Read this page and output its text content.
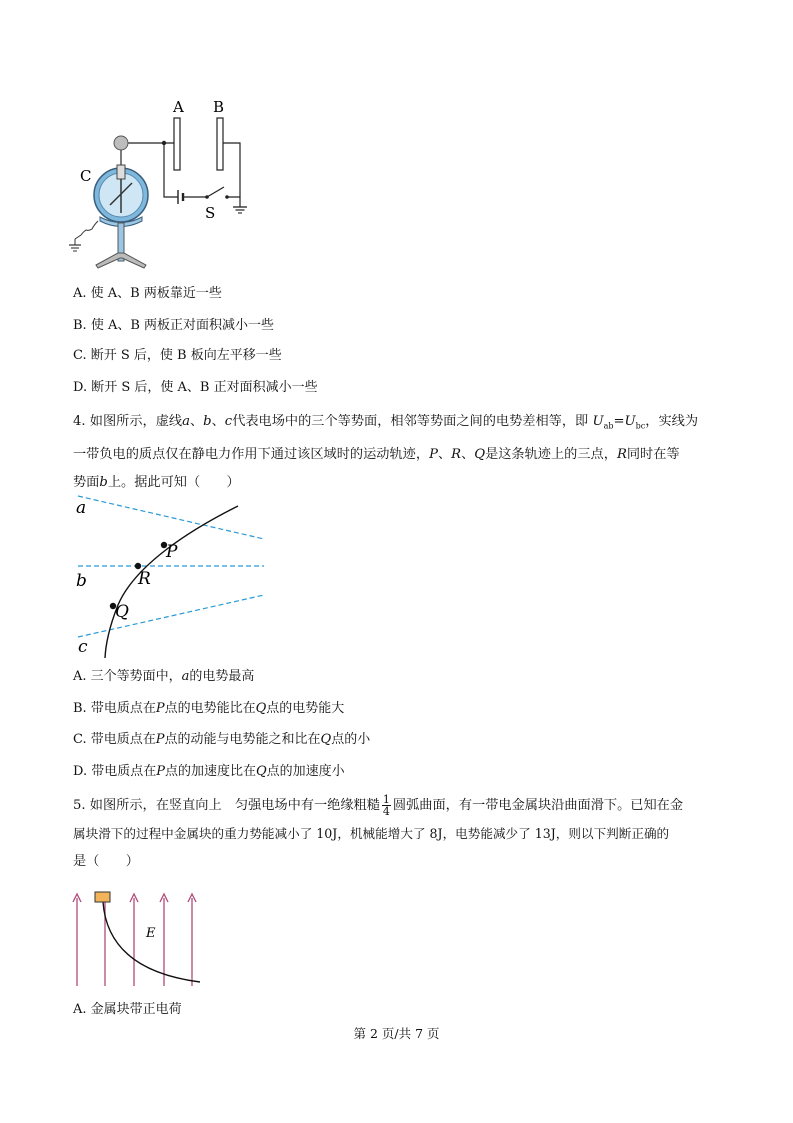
A B
C
S
A. 使 A、B 两板靠近一些
B. 使 A、B 两板正对面积减小一些
C. 断开 S 后，使 B 板向左平移一些
D. 断开 S 后，使 A、B 正对面积减小一些
4. 如图所示，虚线a、b、c代表电场中的三个等势面，相邻等势面之间的电势差相等，即 $U_{ab}=U_{bc}$，实线为
一带负电的质点仅在静电力作用下通过该区域时的运动轨迹，P、R、Q是这条轨迹上的三点，R同时在等
势面b上。据此可知（　　）
a
b
c
P
R
Q
A. 三个等势面中，a的电势最高
B. 带电质点在P点的电势能比在Q点的电势能大
C. 带电质点在P点的动能与电势能之和比在Q点的小
D. 带电质点在P点的加速度比在Q点的加速度小
5. 如图所示，在竖直向上　匀强电场中有一绝缘粗糙 $\frac{1}{4}$ 圆弧曲面，有一带电金属块沿曲面滑下。已知在金
属块滑下的过程中金属块的重力势能减小了 10J，机械能增大了 8J，电势能减少了 13J，则以下判断正确的
是（　　）
E
A. 金属块带正电荷
第 2 页/共 7 页
